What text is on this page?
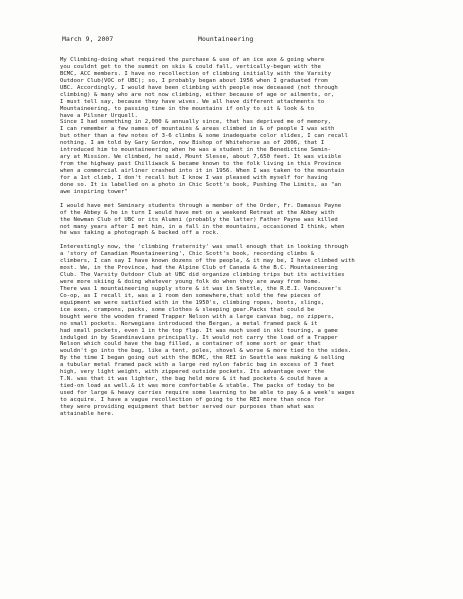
March 9, 2007

	Mountaineering

My Climbing-doing what required the purchase & use of an ice axe & going where
you couldnt get to the summit on skis & could fall, vertically-began with the
BCMC, ACC members. I have no recollection of climbing initially with the Varsity
Outdoor Club(VOC of UBC); so, I probably began about 1956 when I graduated from
UBC. Accordingly, I would have been climbing with people now deceased (not through
climbing) & many who are not now climbing, either because of age or ailments, or,
I must tell say, because they have wives. We all have different attachments to
Mountaineering, to passing time in the mountains if only to sit & look & to
have a Pilsner Urquell.
Since I had something in 2,000 & annually since, that has deprived me of memory,
I can remember a few names of mountains & areas climbed in & of people I was with
but other than a few notes of 3-6 climbs & some inadequate color slides, I can recall
nothing. I am told by Gary Gordon, now Bishop of Whitehorse as of 2006, that I
introduced him to mountaineering when he was a student in the Benedictine Semin-
ary at Mission. We climbed, he said, Mount Slesse, about 7,650 feet. It was visible
from the highway past Chilliwack & became known to the folk living in this Province
when a commercial airliner crashed into it in 1956. When I was taken to the mountain
for a 1st climb, I don't recall but I know I was pleased with myself for having
done so. It is labelled on a photo in Chic Scott's book, Pushing The Limits, as "an
awe inspiring tower"
I would have met Seminary students through a member of the Order, Fr. Damasus Payne
of the Abbey & he in turn I would have met on a weekend Retreat at the Abbey with
the Newman Club of UBC or its Alumni (probably the latter) Father Payne was killed
not many years after I met him, in a fall in the mountains, occasioned I think, when
he was taking a photograph & backed off a rock.
Interestingly now, the 'climbing fraternity' was small enough that in looking through
a 'story of Canadian Mountaineering', Chic Scott's book, recording climbs &
climbers, I can say I have known dozens of the people, & it may be, I have climbed with
most. We, in the Province, had the Alpine Club of Canada & the B.C. Mountaineering
Club. The Varsity Outdoor Club at UBC did organize climbing trips but its activities
were more skiing & doing whatever young folk do when they are away from home.
There was 1 mountaineering supply store & it was in Seattle, the R.E.I. Vancouver's
Co-op, as I recall it, was a 1 room den somewhere,that sold the few pieces of
equipment we were satisfied with in the 1950's, climbing ropes, boots, slings,
ice axes, crampons, packs, some clothes & sleeping gear.Packs that could be
bought were the wooden framed Trapper Nelson with a large canvas bag, no zippers,
no small pockets. Norwegians introduced the Bergan, a metal framed pack & it
had small pockets, even 1 in the top flap. It was much used in ski touring, a game
indulged in by Scandinavians principally. It would not carry the load of a Trapper
Nelson which could have the bag filled, a container of some sort or gear that
wouldn't go into the bag, like a tent, poles, shovel & worse & more tied to the sides.
By the time I began going out with the BCMC, the REI in Seattle was making & selling
a tubular metal framed pack with a large red nylon fabric bag in excess of 3 feet
high, very light weight, with zippered outside pockets. Its advantage over the
T.N. was that it was lighter, the bag held more & it had pockets & could have a
tied-on load as well.& it was more comfortable & stable. The packs of today to be
used for large & heavy carries require some learning to be able to pay & a week's wages
to acquire. I have a vague recollection of going to the REI more than once for
they were providing equipment that better served our purposes than what was
attainable here.
